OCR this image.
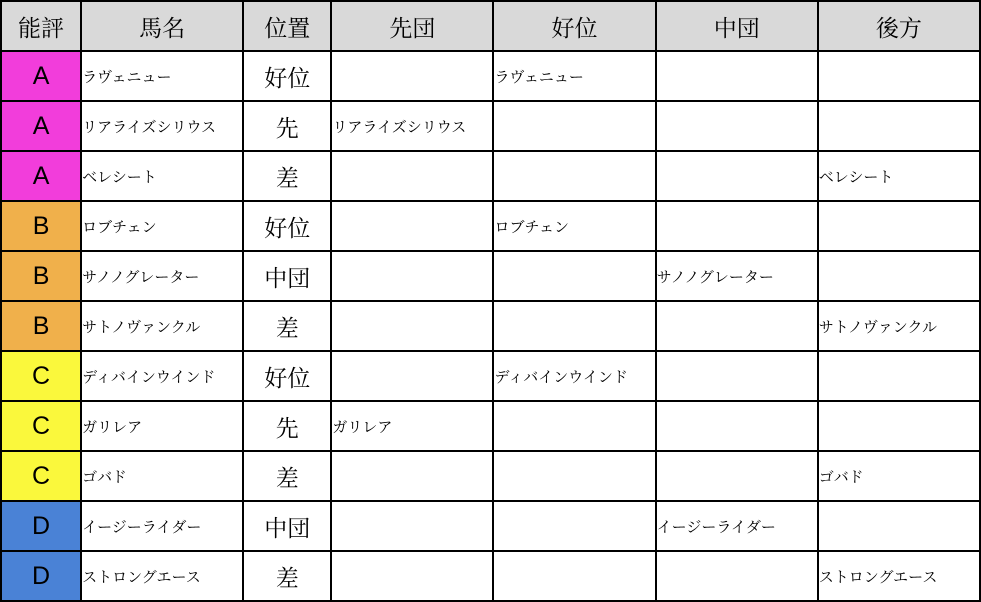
能評	馬名	位置	先団	好位	中団	後方
A	ラヴェニュー	好位		ラヴェニュー		
A	リアライズシリウス	先	リアライズシリウス			
A	ベレシート	差				ベレシート
B	ロブチェン	好位		ロブチェン		
B	サノノグレーター	中団			サノノグレーター	
B	サトノヴァンクル	差				サトノヴァンクル
C	ディバインウインド	好位		ディバインウインド		
C	ガリレア	先	ガリレア			
C	ゴバド	差				ゴバド
D	イージーライダー	中団			イージーライダー	
D	ストロングエース	差				ストロングエース
